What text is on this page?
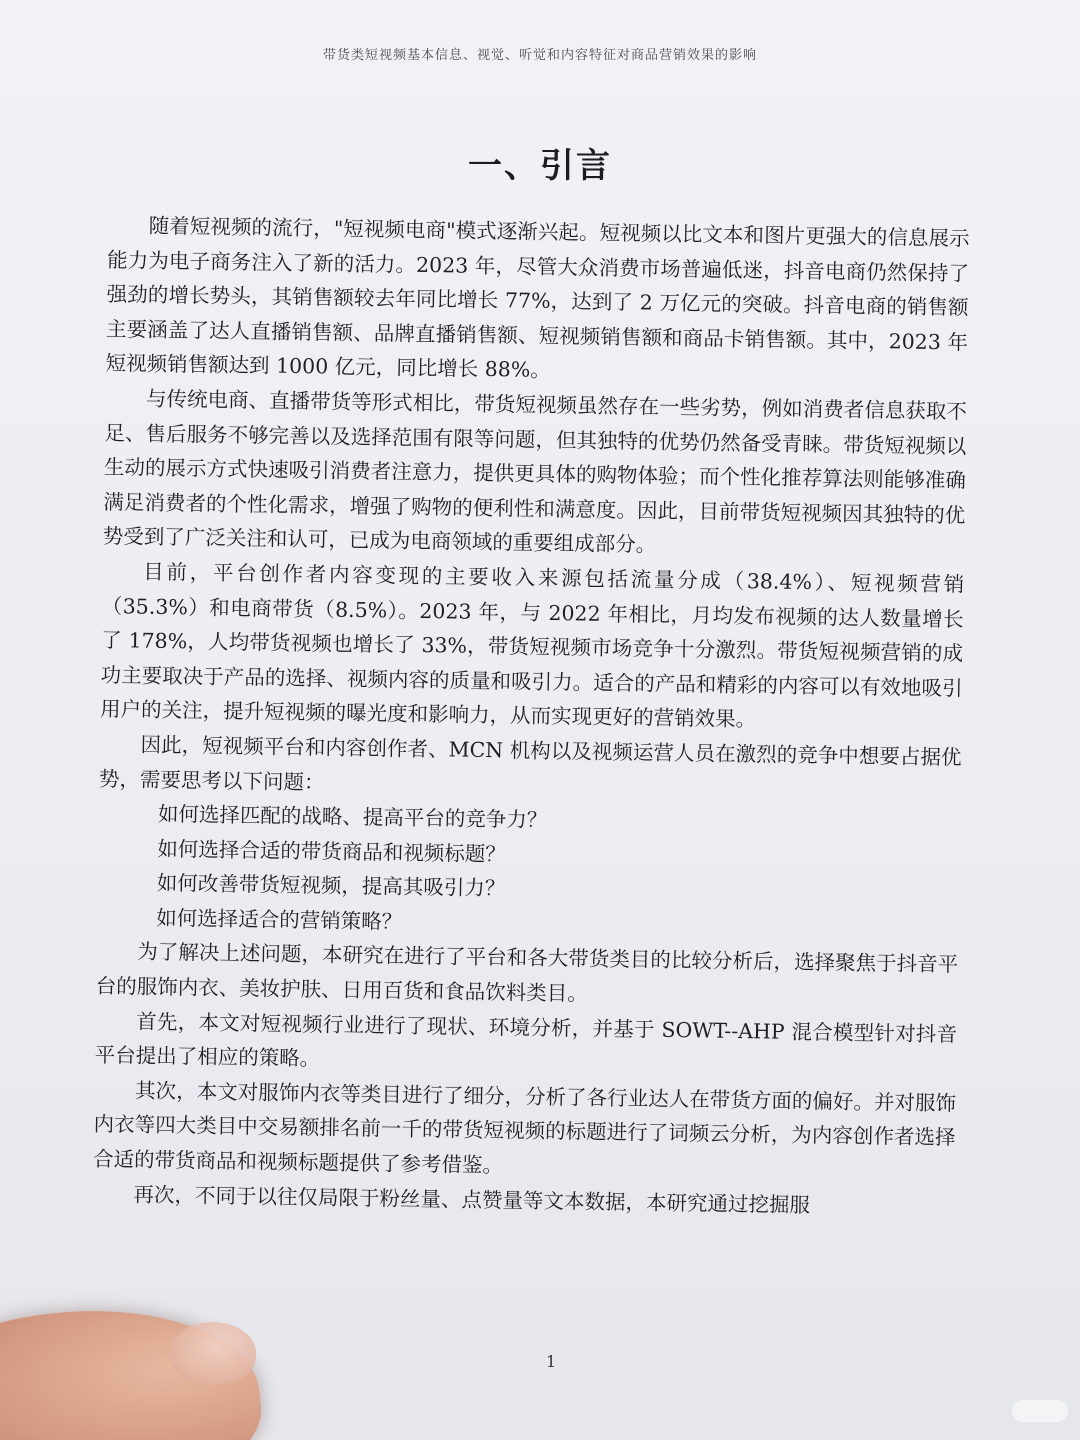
带货类短视频基本信息、视觉、听觉和内容特征对商品营销效果的影响
一、引言

随着短视频的流行，"短视频电商"模式逐渐兴起。短视频以比文本和图片更强大的信息展示能力为电子商务注入了新的活力。2023 年，尽管大众消费市场普遍低迷，抖音电商仍然保持了强劲的增长势头，其销售额较去年同比增长 77%，达到了 2 万亿元的突破。抖音电商的销售额主要涵盖了达人直播销售额、品牌直播销售额、短视频销售额和商品卡销售额。其中，2023 年短视频销售额达到 1000 亿元，同比增长 88%。

与传统电商、直播带货等形式相比，带货短视频虽然存在一些劣势，例如消费者信息获取不足、售后服务不够完善以及选择范围有限等问题，但其独特的优势仍然备受青睐。带货短视频以生动的展示方式快速吸引消费者注意力，提供更具体的购物体验；而个性化推荐算法则能够准确满足消费者的个性化需求，增强了购物的便利性和满意度。因此，目前带货短视频因其独特的优势受到了广泛关注和认可，已成为电商领域的重要组成部分。

目前，平台创作者内容变现的主要收入来源包括流量分成（38.4%）、短视频营销（35.3%）和电商带货（8.5%）。2023 年，与 2022 年相比，月均发布视频的达人数量增长了 178%，人均带货视频也增长了 33%，带货短视频市场竞争十分激烈。带货短视频营销的成功主要取决于产品的选择、视频内容的质量和吸引力。适合的产品和精彩的内容可以有效地吸引用户的关注，提升短视频的曝光度和影响力，从而实现更好的营销效果。

因此，短视频平台和内容创作者、MCN 机构以及视频运营人员在激烈的竞争中想要占据优势，需要思考以下问题：

如何选择匹配的战略、提高平台的竞争力？

如何选择合适的带货商品和视频标题？

如何改善带货短视频，提高其吸引力？

如何选择适合的营销策略？

为了解决上述问题，本研究在进行了平台和各大带货类目的比较分析后，选择聚焦于抖音平台的服饰内衣、美妆护肤、日用百货和食品饮料类目。

首先，本文对短视频行业进行了现状、环境分析，并基于 SOWT--AHP 混合模型针对抖音平台提出了相应的策略。

其次，本文对服饰内衣等类目进行了细分，分析了各行业达人在带货方面的偏好。并对服饰内衣等四大类目中交易额排名前一千的带货短视频的标题进行了词频云分析，为内容创作者选择合适的带货商品和视频标题提供了参考借鉴。

再次，不同于以往仅局限于粉丝量、点赞量等文本数据，本研究通过挖掘服

1
